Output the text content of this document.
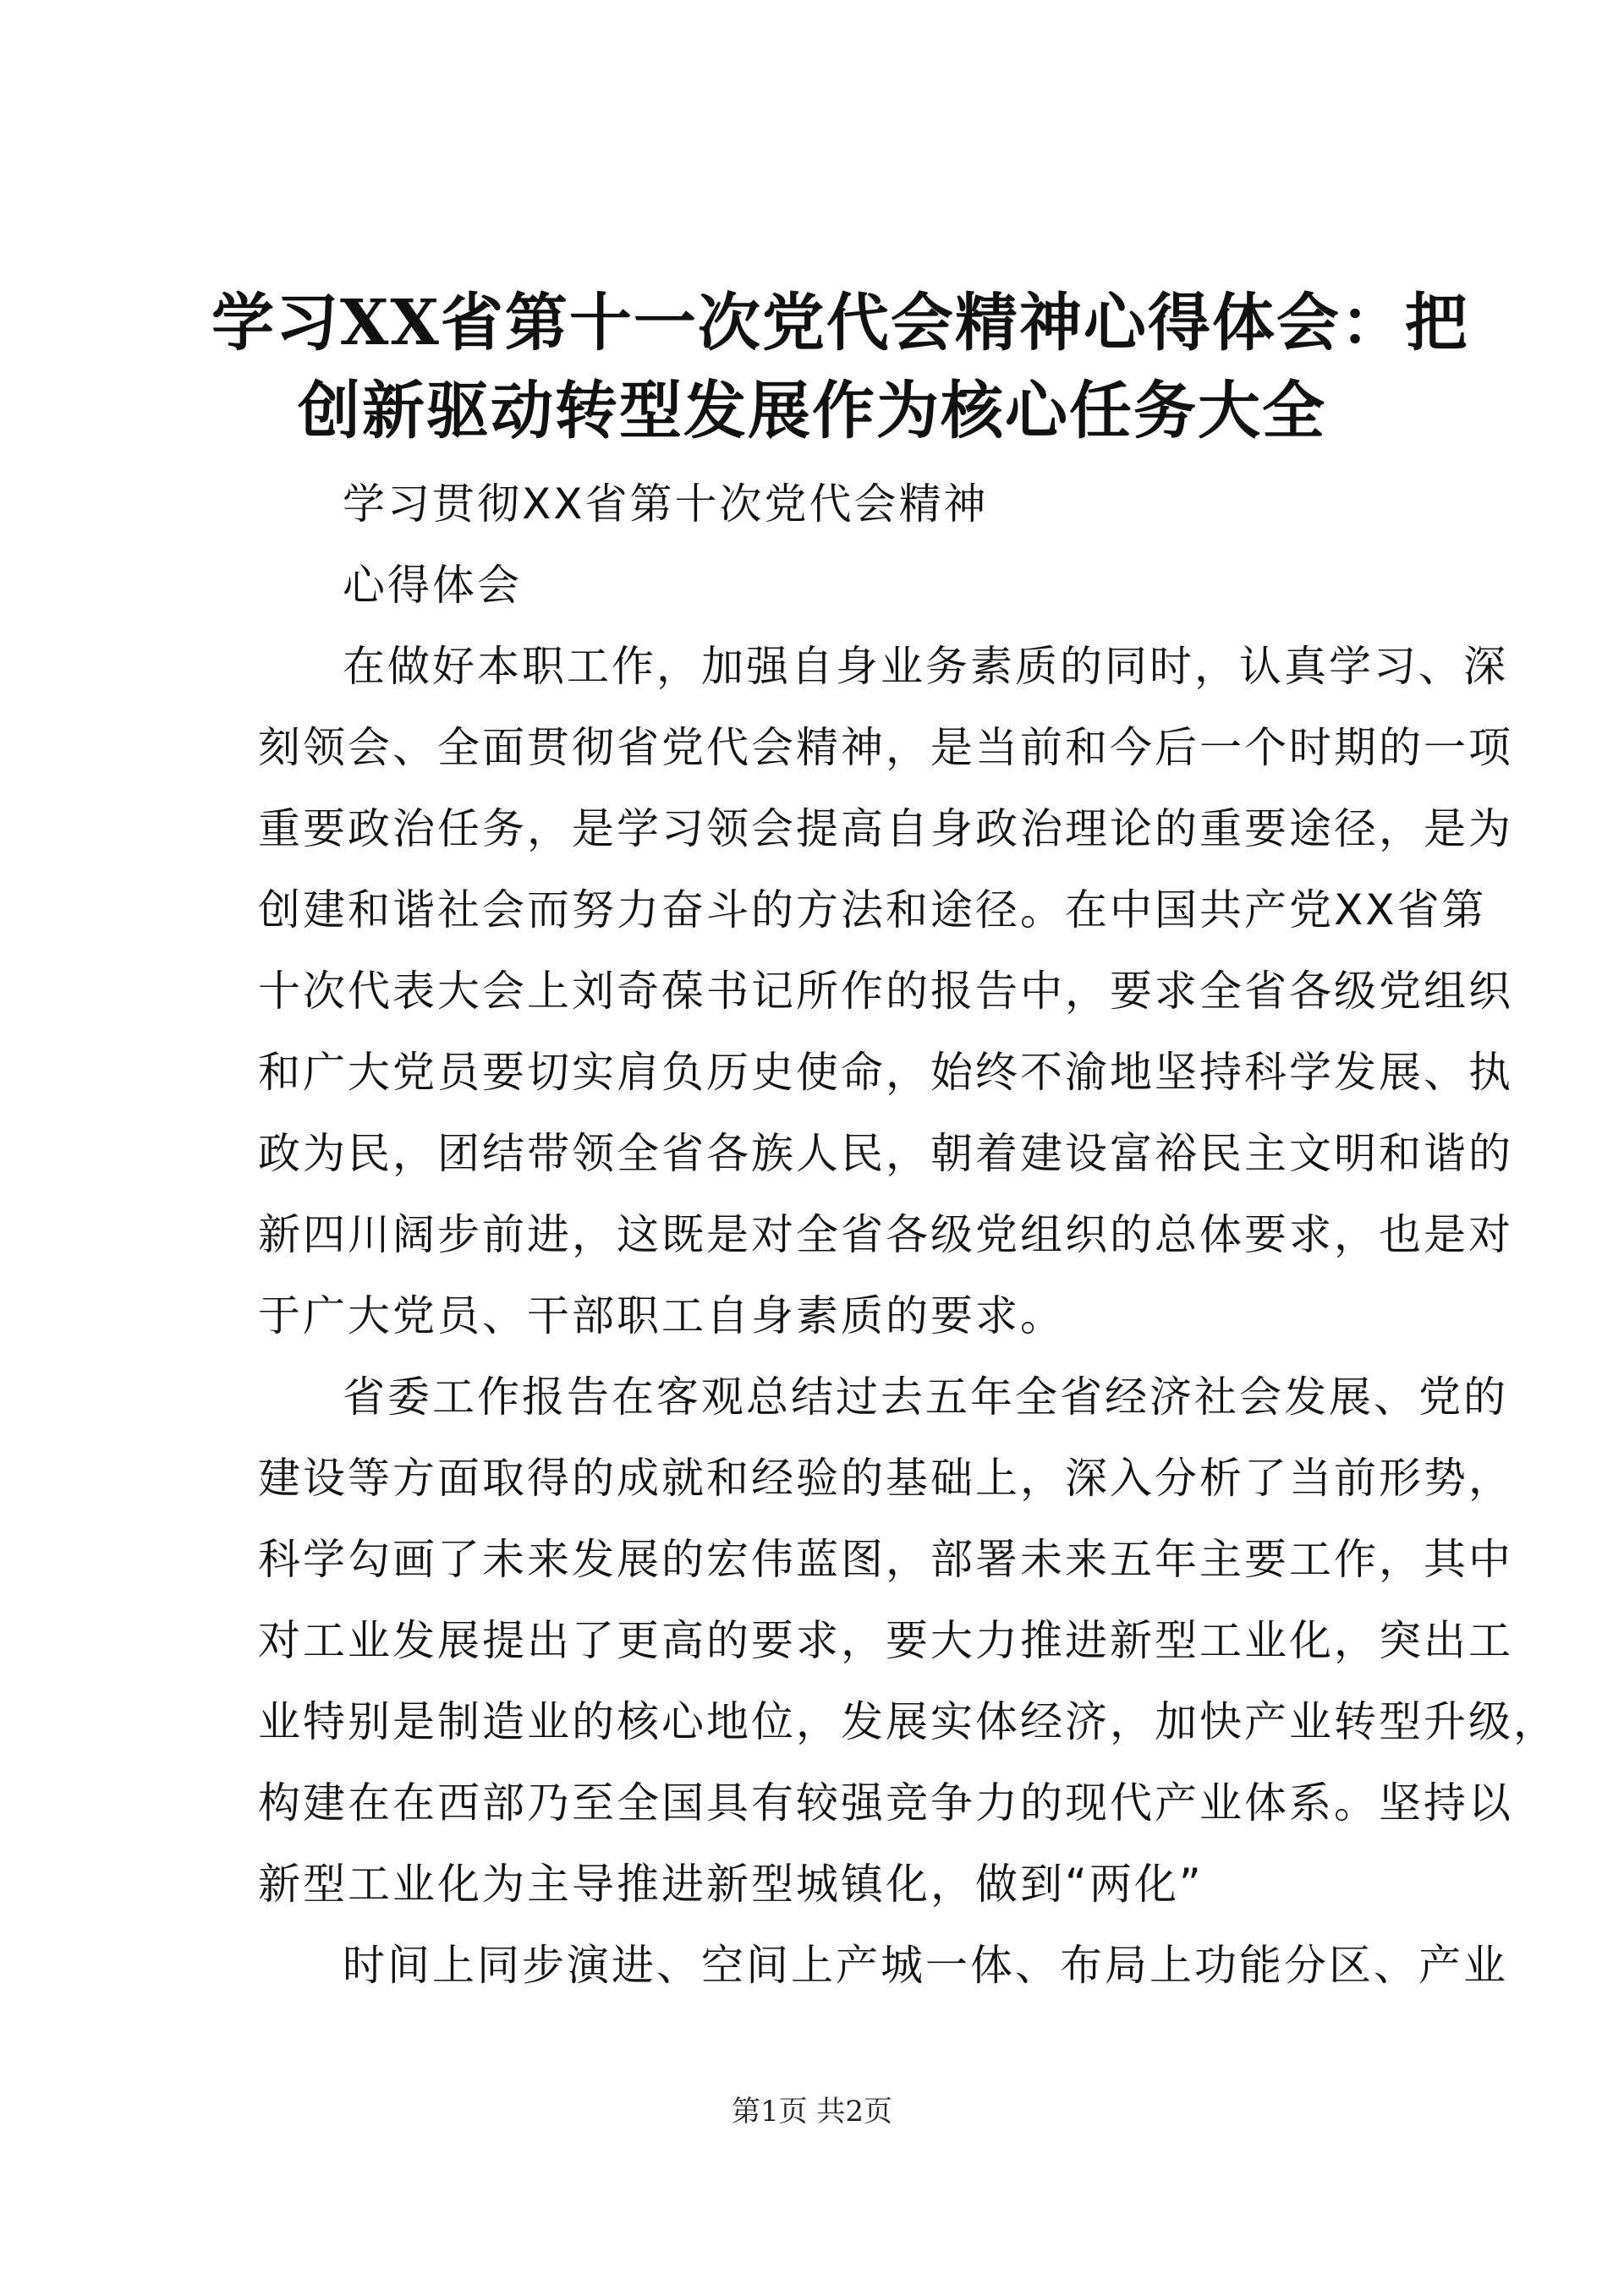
学习XX省第十一次党代会精神心得体会：把
创新驱动转型发展作为核心任务大全

学习贯彻XX省第十次党代会精神

心得体会

在做好本职工作，加强自身业务素质的同时，认真学习、深
刻领会、全面贯彻省党代会精神，是当前和今后一个时期的一项
重要政治任务，是学习领会提高自身政治理论的重要途径，是为
创建和谐社会而努力奋斗的方法和途径。在中国共产党XX省第
十次代表大会上刘奇葆书记所作的报告中，要求全省各级党组织
和广大党员要切实肩负历史使命，始终不渝地坚持科学发展、执
政为民，团结带领全省各族人民，朝着建设富裕民主文明和谐的
新四川阔步前进，这既是对全省各级党组织的总体要求，也是对
于广大党员、干部职工自身素质的要求。

省委工作报告在客观总结过去五年全省经济社会发展、党的
建设等方面取得的成就和经验的基础上，深入分析了当前形势，
科学勾画了未来发展的宏伟蓝图，部署未来五年主要工作，其中
对工业发展提出了更高的要求，要大力推进新型工业化，突出工
业特别是制造业的核心地位，发展实体经济，加快产业转型升级，
构建在在西部乃至全国具有较强竞争力的现代产业体系。坚持以
新型工业化为主导推进新型城镇化，做到“两化”

时间上同步演进、空间上产城一体、布局上功能分区、产业

第1页 共2页
